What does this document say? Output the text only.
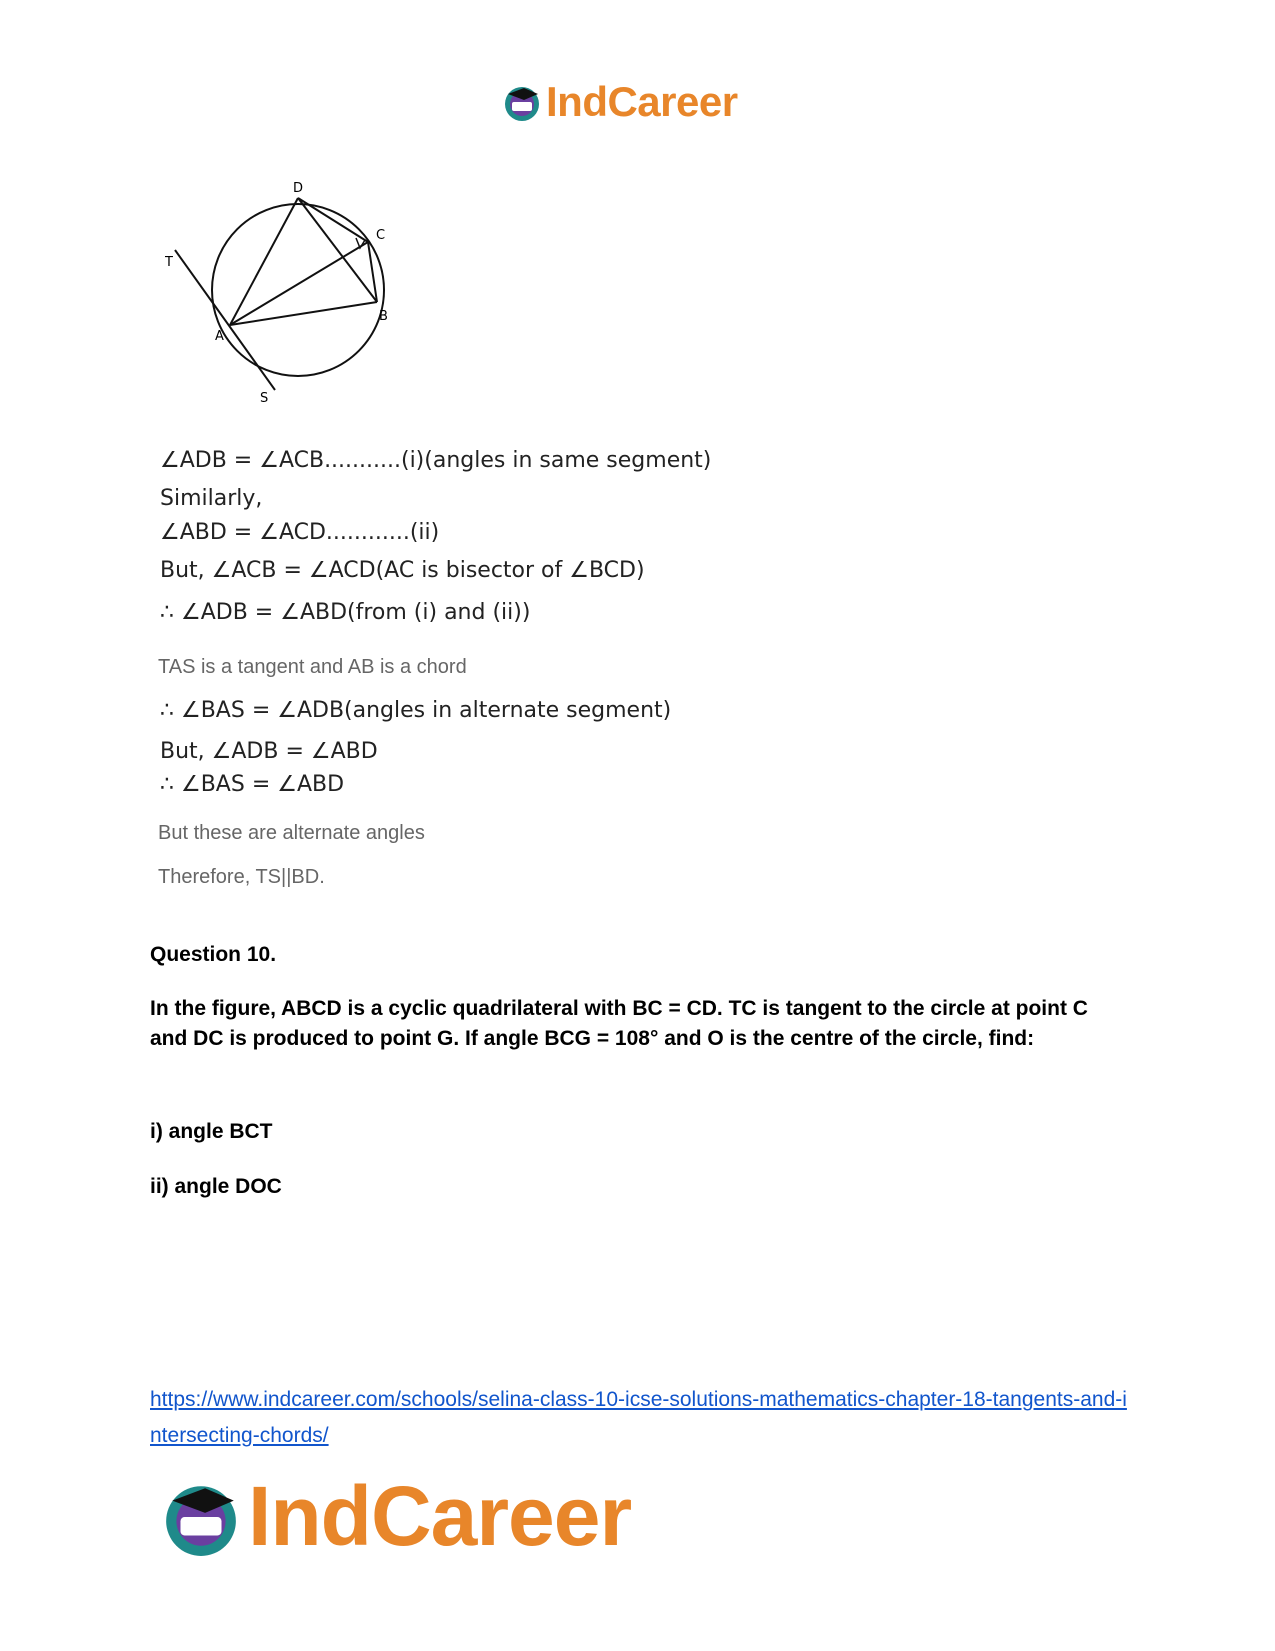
IndCareer
D
C
T
B
A
S
∠ADB = ∠ACB...........(i)(angles in same segment)
Similarly,
∠ABD = ∠ACD............(ii)
But, ∠ACB = ∠ACD(AC is bisector of ∠BCD)
∴ ∠ADB = ∠ABD(from (i) and (ii))
TAS is a tangent and AB is a chord
∴ ∠BAS = ∠ADB(angles in alternate segment)
But, ∠ADB = ∠ABD
∴ ∠BAS = ∠ABD
But these are alternate angles
Therefore, TS||BD.
Question 10.
In the figure, ABCD is a cyclic quadrilateral with BC = CD. TC is tangent to the circle at point C and DC is produced to point G. If angle BCG = 108° and O is the centre of the circle, find:
i) angle BCT
ii) angle DOC
https://www.indcareer.com/schools/selina-class-10-icse-solutions-mathematics-chapter-18-tangents-and-intersecting-chords/
IndCareer
